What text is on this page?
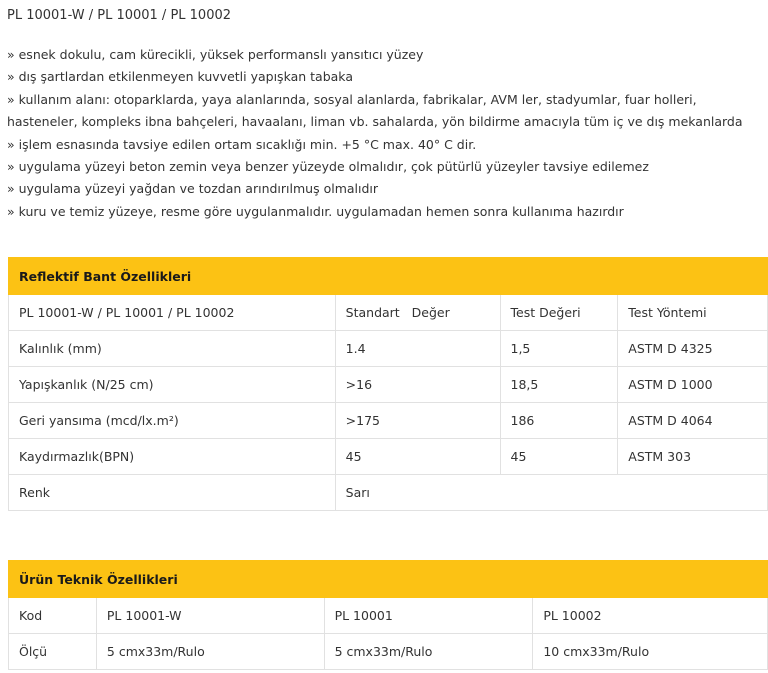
PL 10001-W / PL 10001 / PL 10002

» esnek dokulu, cam kürecikli, yüksek performanslı yansıtıcı yüzey

» dış şartlardan etkilenmeyen kuvvetli yapışkan tabaka

» kullanım alanı: otoparklarda, yaya alanlarında, sosyal alanlarda, fabrikalar, AVM ler, stadyumlar, fuar holleri, hasteneler, kompleks ibna bahçeleri, havaalanı, liman vb. sahalarda, yön bildirme amacıyla tüm iç ve dış mekanlarda

» işlem esnasında tavsiye edilen ortam sıcaklığı min. +5 °C max. 40° C dir.

» uygulama yüzeyi beton zemin veya benzer yüzeyde olmalıdır, çok pütürlü yüzeyler tavsiye edilemez

» uygulama yüzeyi yağdan ve tozdan arındırılmuş olmalıdır

» kuru ve temiz yüzeye, resme göre uygulanmalıdır. uygulamadan hemen sonra kullanıma hazırdır

Reflektif Bant Özellikleri			
PL 10001-W / PL 10001 / PL 10002	Standart   Değer	Test Değeri	Test Yöntemi
Kalınlık (mm)	1.4	1,5	ASTM D 4325
Yapışkanlık (N/25 cm)	>16	18,5	ASTM D 1000
Geri yansıma (mcd/lx.m²)	>175	186	ASTM D 4064
Kaydırmazlık(BPN)	45	45	ASTM 303
Renk	Sarı		
Ürün Teknik Özellikleri			
Kod	PL 10001-W	PL 10001	PL 10002
Ölçü	5 cmx33m/Rulo	5 cmx33m/Rulo	10 cmx33m/Rulo
